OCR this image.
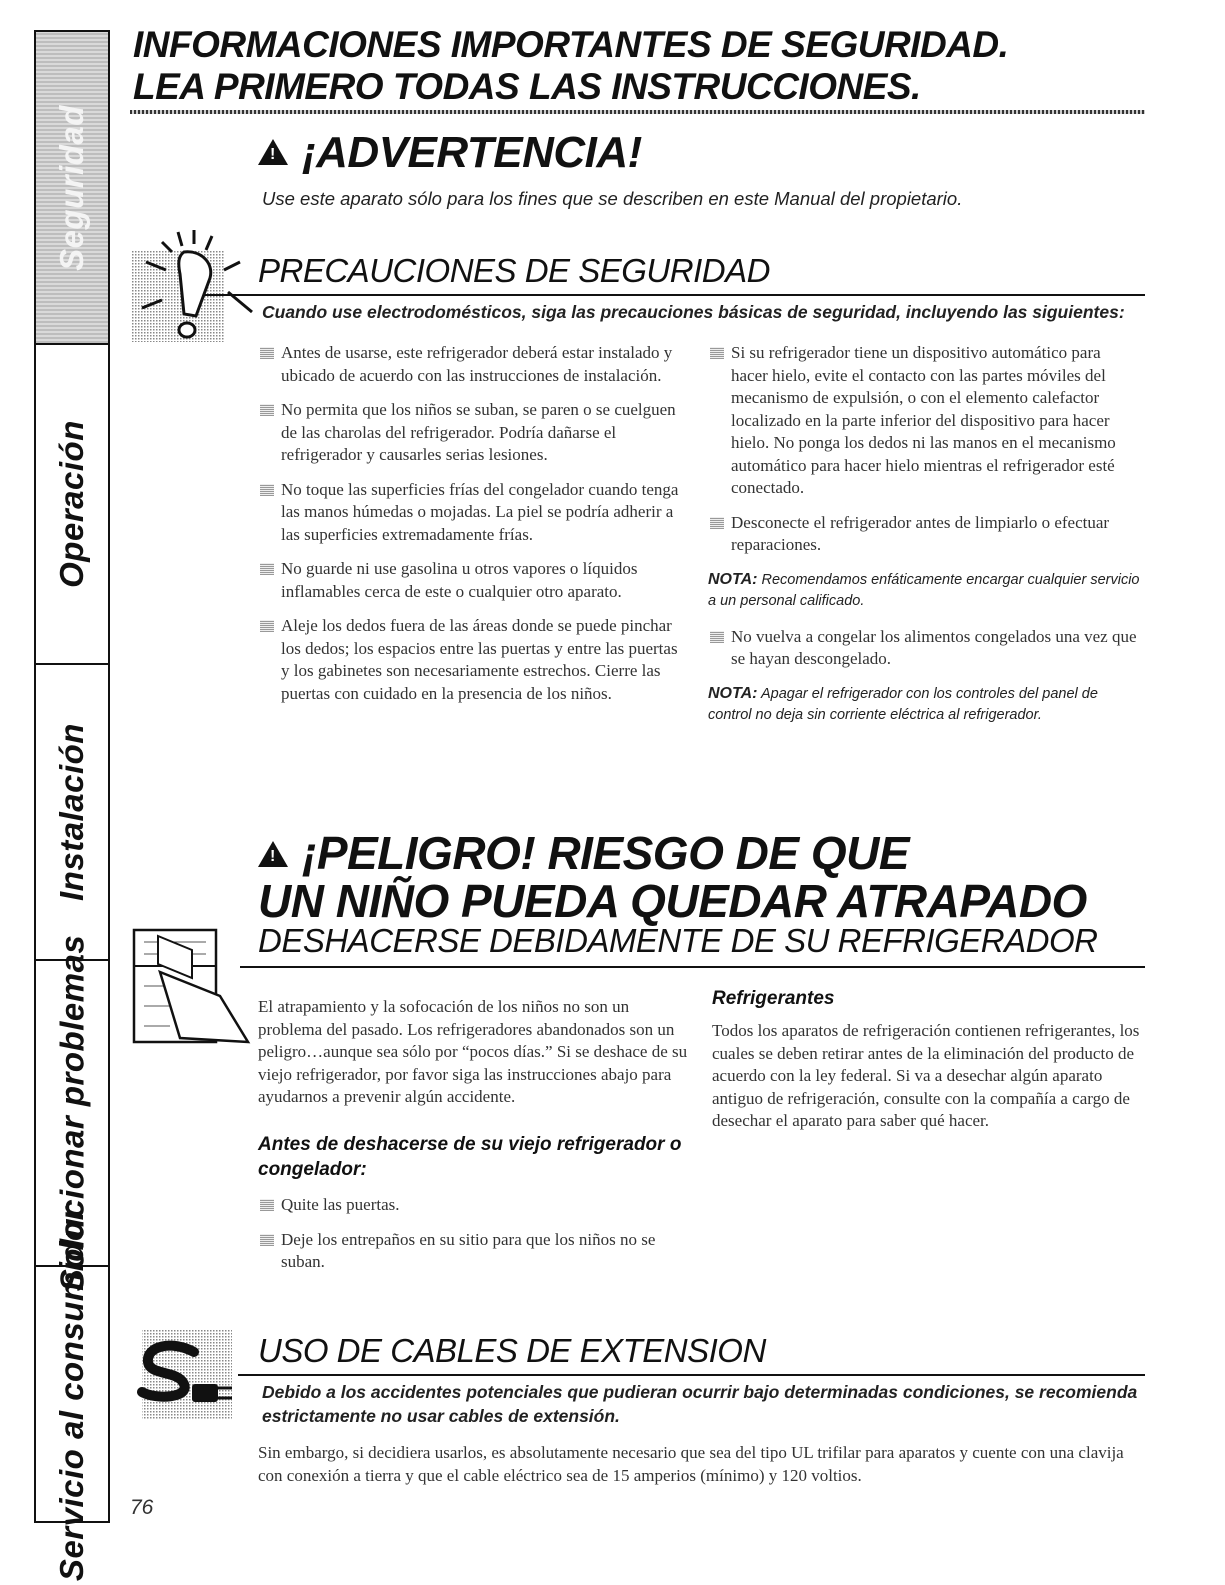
Seguridad
Operación
Instalación
Solucionar problemas
Servicio al consumidor
INFORMACIONES IMPORTANTES DE SEGURIDAD.
LEA PRIMERO TODAS LAS INSTRUCCIONES.
!¡ADVERTENCIA!
Use este aparato sólo para los fines que se describen en este Manual del propietario.
PRECAUCIONES DE SEGURIDAD
Cuando use electrodomésticos, siga las precauciones básicas de seguridad, incluyendo las siguientes:
Antes de usarse, este refrigerador deberá estar instalado y ubicado de acuerdo con las instrucciones de instalación.
No permita que los niños se suban, se paren o se cuelguen de las charolas del refrigerador. Podría dañarse el refrigerador y causarles serias lesiones.
No toque las superficies frías del congelador cuando tenga las manos húmedas o mojadas. La piel se podría adherir a las superficies extremadamente frías.
No guarde ni use gasolina u otros vapores o líquidos inflamables cerca de este o cualquier otro aparato.
Aleje los dedos fuera de las áreas donde se puede pinchar los dedos; los espacios entre las puertas y entre las puertas y los gabinetes son necesariamente estrechos. Cierre las puertas con cuidado en la presencia de los niños.
Si su refrigerador tiene un dispositivo automático para hacer hielo, evite el contacto con las partes móviles del mecanismo de expulsión, o con el elemento calefactor localizado en la parte inferior del dispositivo para hacer hielo. No ponga los dedos ni las manos en el mecanismo automático para hacer hielo mientras el refrigerador esté conectado.
Desconecte el refrigerador antes de limpiarlo o efectuar reparaciones.
NOTA: Recomendamos enfáticamente encargar cualquier servicio a un personal calificado.
No vuelva a congelar los alimentos congelados una vez que se hayan descongelado.
NOTA: Apagar el refrigerador con los controles del panel de control no deja sin corriente eléctrica al refrigerador.
!¡PELIGRO! RIESGO DE QUE
UN NIÑO PUEDA QUEDAR ATRAPADO
DESHACERSE DEBIDAMENTE DE SU REFRIGERADOR
El atrapamiento y la sofocación de los niños no son un problema del pasado. Los refrigeradores abandonados son un peligro…aunque sea sólo por “pocos días.” Si se deshace de su viejo refrigerador, por favor siga las instrucciones abajo para ayudarnos a prevenir algún accidente.
Antes de deshacerse de su viejo refrigerador o congelador:
Quite las puertas.
Deje los entrepaños en su sitio para que los niños no se suban.
Refrigerantes
Todos los aparatos de refrigeración contienen refrigerantes, los cuales se deben retirar antes de la eliminación del producto de acuerdo con la ley federal. Si va a desechar algún aparato antiguo de refrigeración, consulte con la compañía a cargo de desechar el aparato para saber qué hacer.
USO DE CABLES DE EXTENSION
Debido a los accidentes potenciales que pudieran ocurrir bajo determinadas condiciones, se recomienda estrictamente no usar cables de extensión.
Sin embargo, si decidiera usarlos, es absolutamente necesario que sea del tipo UL trifilar para aparatos y cuente con una clavija con conexión a tierra y que el cable eléctrico sea de 15 amperios (mínimo) y 120 voltios.
76
